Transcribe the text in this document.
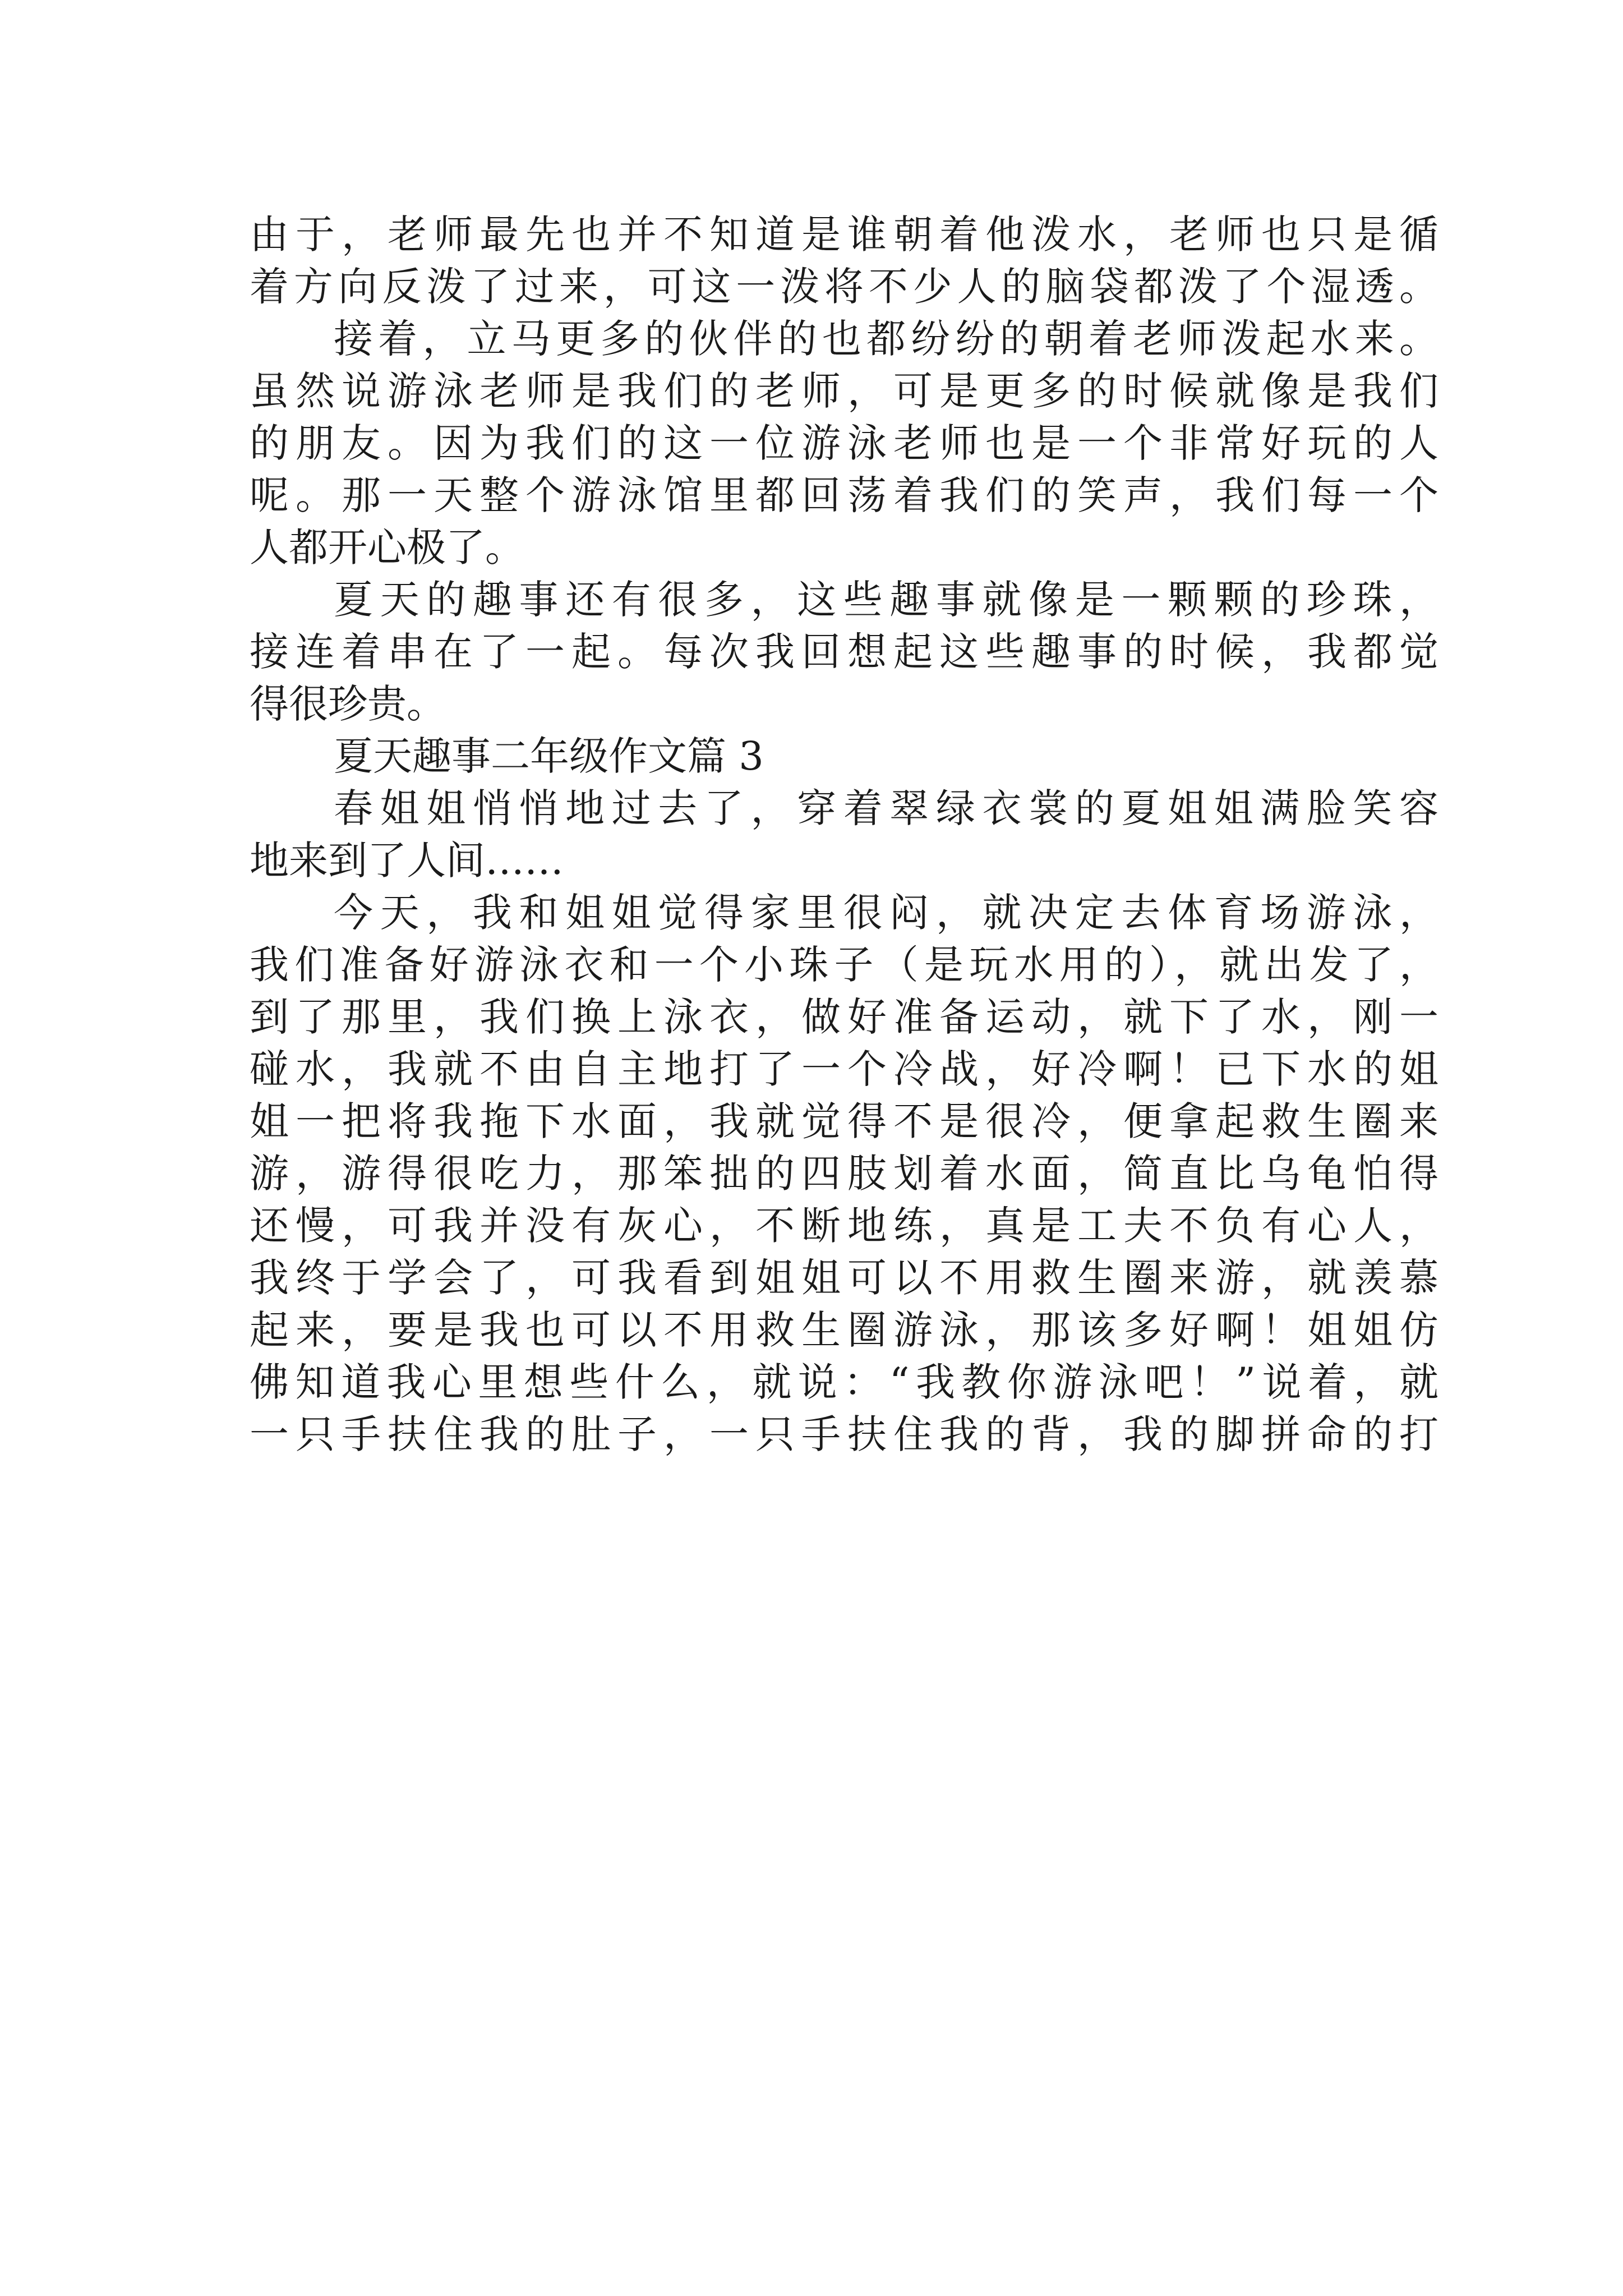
由于，老师最先也并不知道是谁朝着他泼水，老师也只是循

着方向反泼了过来，可这一泼将不少人的脑袋都泼了个湿透。

接着，立马更多的伙伴的也都纷纷的朝着老师泼起水来。

虽然说游泳老师是我们的老师，可是更多的时候就像是我们

的朋友。因为我们的这一位游泳老师也是一个非常好玩的人

呢。那一天整个游泳馆里都回荡着我们的笑声，我们每一个

人都开心极了。

夏天的趣事还有很多，这些趣事就像是一颗颗的珍珠，

接连着串在了一起。每次我回想起这些趣事的时候，我都觉

得很珍贵。

夏天趣事二年级作文篇 3

春姐姐悄悄地过去了，穿着翠绿衣裳的夏姐姐满脸笑容

地来到了人间……

今天，我和姐姐觉得家里很闷，就决定去体育场游泳，

我们准备好游泳衣和一个小珠子（是玩水用的），就出发了，

到了那里，我们换上泳衣，做好准备运动，就下了水，刚一

碰水，我就不由自主地打了一个冷战，好冷啊！已下水的姐

姐一把将我拖下水面，我就觉得不是很冷，便拿起救生圈来

游，游得很吃力，那笨拙的四肢划着水面，简直比乌龟怕得

还慢，可我并没有灰心，不断地练，真是工夫不负有心人，

我终于学会了，可我看到姐姐可以不用救生圈来游，就羡慕

起来，要是我也可以不用救生圈游泳，那该多好啊！姐姐仿

佛知道我心里想些什么，就说：“我教你游泳吧！”说着，就

一只手扶住我的肚子，一只手扶住我的背，我的脚拼命的打
